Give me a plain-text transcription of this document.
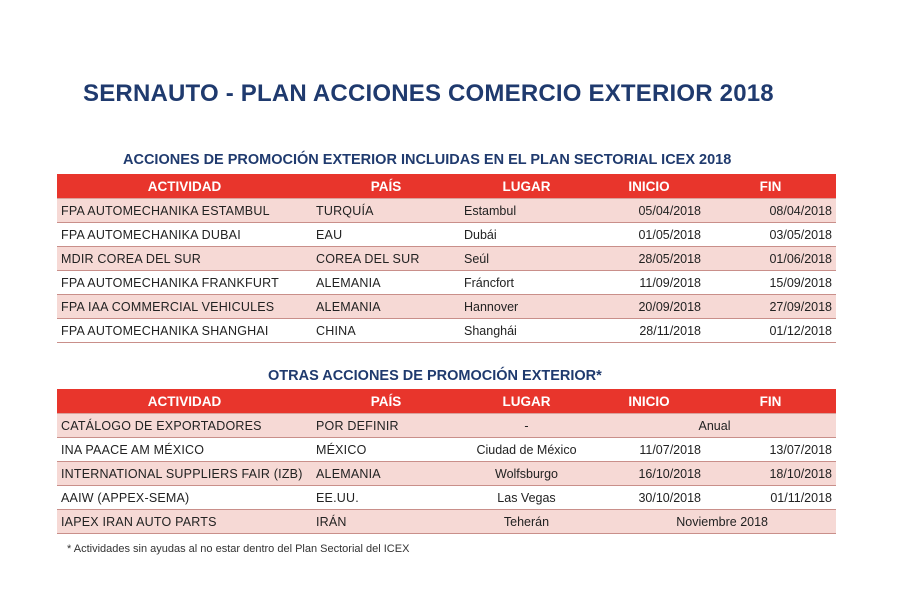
SERNAUTO - PLAN ACCIONES COMERCIO EXTERIOR 2018
ACCIONES DE PROMOCIÓN EXTERIOR INCLUIDAS EN EL PLAN SECTORIAL ICEX 2018
ACTIVIDAD	PAÍS	LUGAR	INICIO	FIN
FPA AUTOMECHANIKA ESTAMBUL	TURQUÍA	Estambul	05/04/2018	08/04/2018
FPA AUTOMECHANIKA DUBAI	EAU	Dubái	01/05/2018	03/05/2018
MDIR COREA DEL SUR	COREA DEL SUR	Seúl	28/05/2018	01/06/2018
FPA AUTOMECHANIKA FRANKFURT	ALEMANIA	Fráncfort	11/09/2018	15/09/2018
FPA IAA COMMERCIAL VEHICULES	ALEMANIA	Hannover	20/09/2018	27/09/2018
FPA AUTOMECHANIKA SHANGHAI	CHINA	Shanghái	28/11/2018	01/12/2018
OTRAS ACCIONES DE PROMOCIÓN EXTERIOR*
ACTIVIDAD	PAÍS	LUGAR	INICIO	FIN
CATÁLOGO DE EXPORTADORES	POR DEFINIR	-	Anual	
INA PAACE AM MÉXICO	MÉXICO	Ciudad de México	11/07/2018	13/07/2018
INTERNATIONAL SUPPLIERS FAIR (IZB)	ALEMANIA	Wolfsburgo	16/10/2018	18/10/2018
AAIW (APPEX-SEMA)	EE.UU.	Las Vegas	30/10/2018	01/11/2018
IAPEX IRAN AUTO PARTS	IRÁN	Teherán	Noviembre 2018	
* Actividades sin ayudas al no estar dentro del Plan Sectorial del ICEX
